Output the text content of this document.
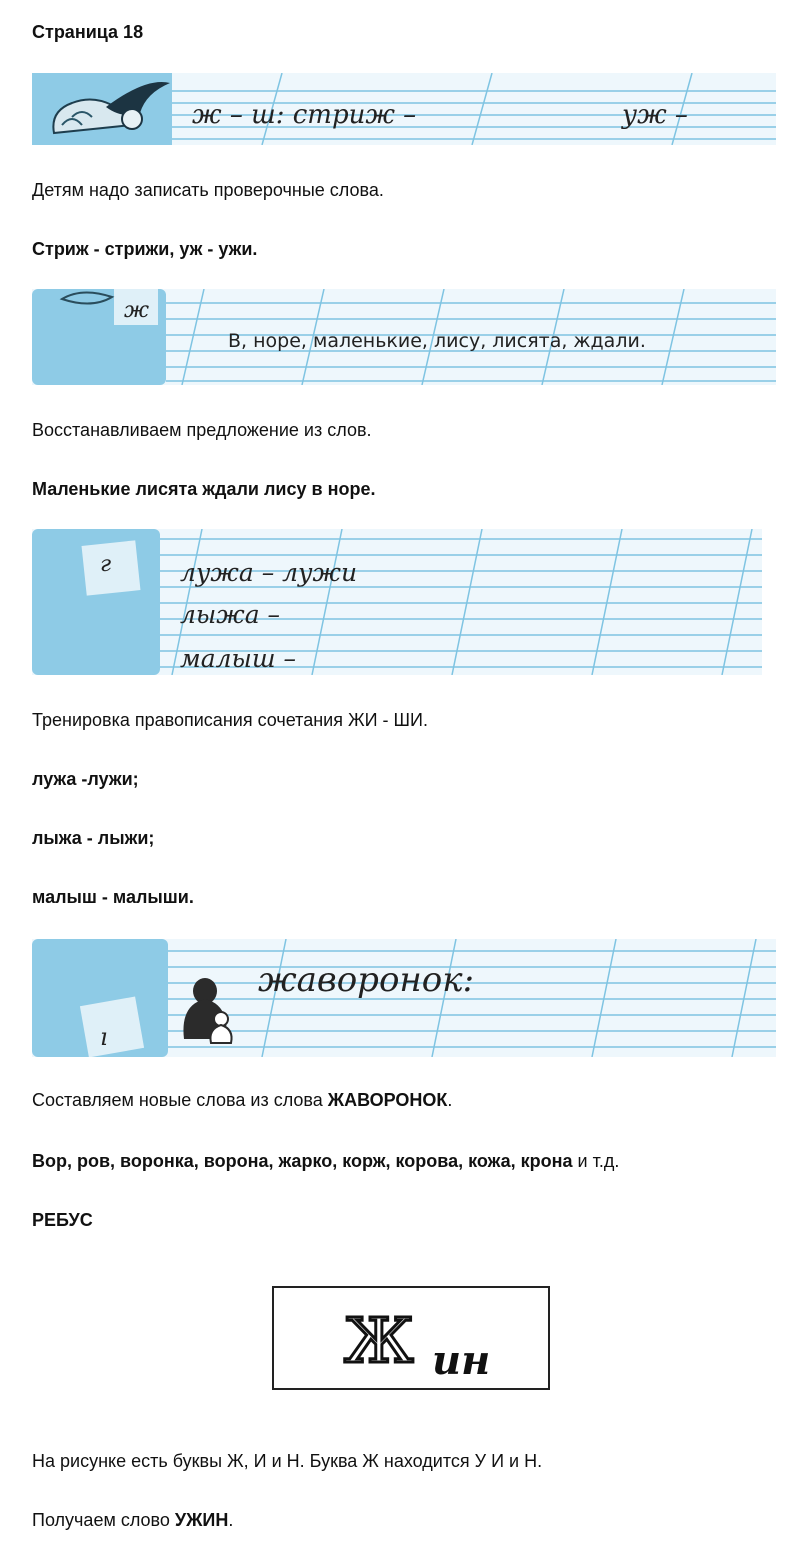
Страница 18
ж – ш: стриж –	уж –
Детям надо записать проверочные слова.
Стриж - стрижи, уж - ужи.
ж
В, норе, маленькие, лису, лисята, ждали.
Восстанавливаем предложение из слов.
Маленькие лисята ждали лису в норе.
г	лужа – лужи
лыжа –
малыш –
Тренировка правописания сочетания ЖИ - ШИ.
лужа -лужи;
лыжа - лыжи;
малыш - малыши.
ı
жаворонок:
Составляем новые слова из слова ЖАВОРОНОК.
Вор, ров, воронка, ворона, жарко, корж, корова, кожа, крона и т.д.
РЕБУС
Ж ин
На рисунке есть буквы Ж, И и Н. Буква Ж находится У И и Н.
Получаем слово УЖИН.
